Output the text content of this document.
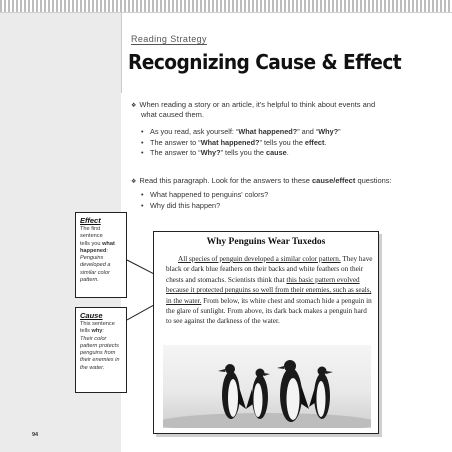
Reading Strategy
Recognizing Cause & Effect
❖ When reading a story or an article, it's helpful to think about events and
what caused them.
• As you read, ask yourself: “What happened?” and “Why?”
• The answer to “What happened?” tells you the effect.
• The answer to “Why?” tells you the cause.
❖ Read this paragraph. Look for the answers to these cause/effect questions:
• What happened to penguins' colors?
• Why did this happen?
Effect
The first sentence
tells you what
happened:
Penguins
developed a
similar color
pattern.
Cause
This sentence
tells why:
Their color
pattern protects
penguins from
their enemies in
the water.
Why Penguins Wear Tuxedos
All species of penguin developed a similar color pattern. They have black or dark blue feathers on their backs and white feathers on their chests and stomachs. Scientists think that this basic pattern evolved because it protected penguins so well from their enemies, such as seals, in the water. From below, its white chest and stomach hide a penguin in the glare of sunlight. From above, its dark back makes a penguin hard to see against the darkness of the water.
94
